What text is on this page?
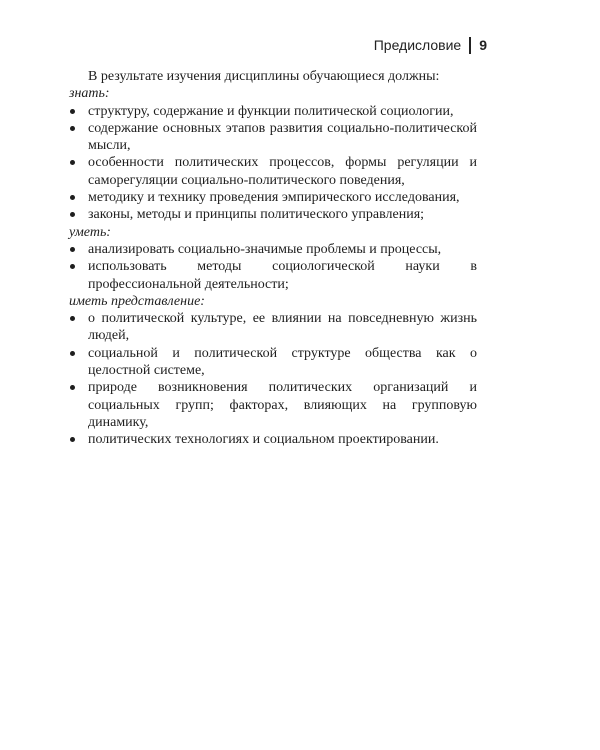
Предисловие 9

В результате изучения дисциплины обучающиеся должны:

знать:

структуру, содержание и функции политической социологии,
содержание основных этапов развития социально-политической мысли,
особенности политических процессов, формы регуляции и саморегуляции социально-политического поведения,
методику и технику проведения эмпирического исследования,
законы, методы и принципы политического управления;

уметь:

анализировать социально-значимые проблемы и процессы,
использовать методы социологической науки в профессиональной деятельности;

иметь представление:

о политической культуре, ее влиянии на повседневную жизнь людей,
социальной и политической структуре общества как о целостной системе,
природе возникновения политических организаций и социальных групп; факторах, влияющих на групповую динамику,
политических технологиях и социальном проектировании.
